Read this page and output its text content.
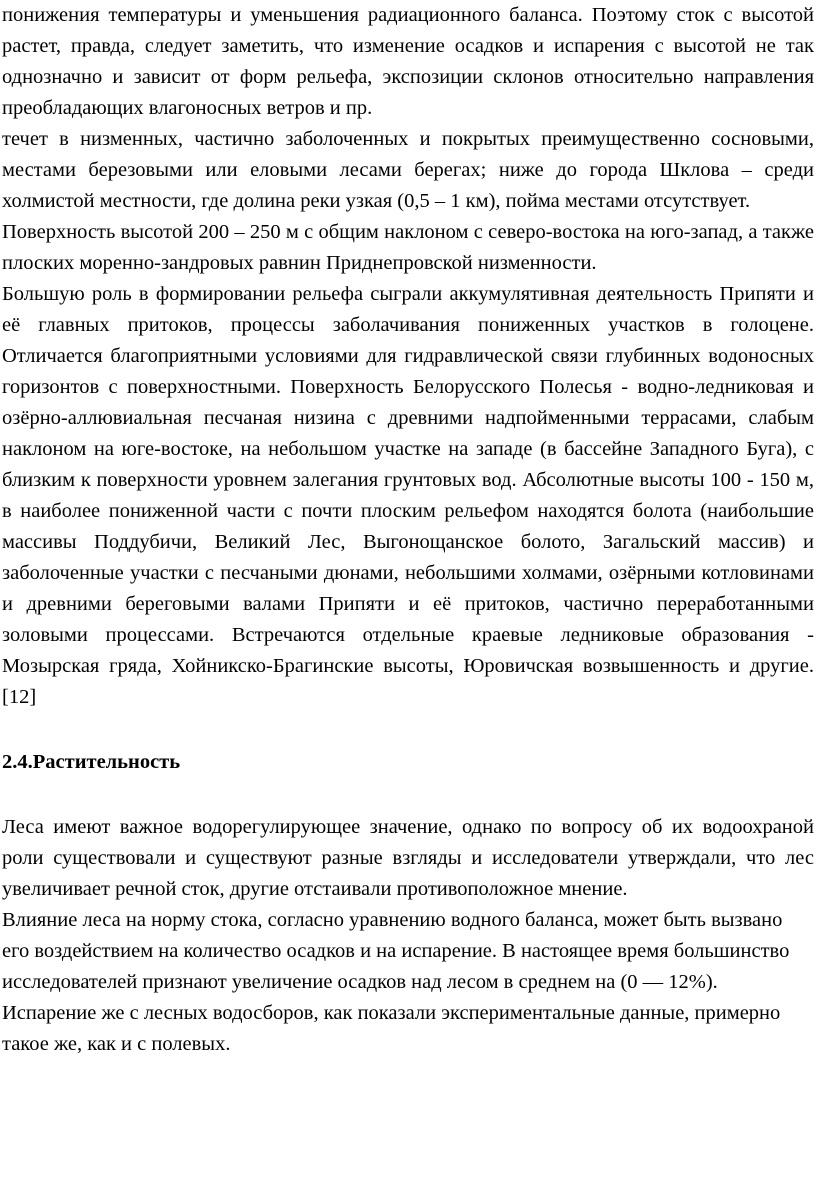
понижения температуры и уменьшения радиационного баланса. Поэтому сток с высотой растет, правда, следует заметить, что изменение осадков и испарения с высотой не так однозначно и зависит от форм рельефа, экспозиции склонов относительно направления преобладающих влагоносных ветров и пр.

течет в низменных, частично заболоченных и покрытых преимущественно сосновыми, местами березовыми или еловыми лесами берегах; ниже до города Шклова – среди холмистой местности, где долина реки узкая (0,5 – 1 км), пойма местами отсутствует.

Поверхность высотой 200 – 250 м с общим наклоном с северо-востока на юго-запад, а также плоских моренно-зандровых равнин Приднепровской низменности.

Большую роль в формировании рельефа сыграли аккумулятивная деятельность Припяти и её главных притоков, процессы заболачивания пониженных участков в голоцене. Отличается благоприятными условиями для гидравлической связи глубинных водоносных горизонтов с поверхностными. Поверхность Белорусского Полесья - водно-ледниковая и озёрно-аллювиальная песчаная низина с древними надпойменными террасами, слабым наклоном на юге-востоке, на небольшом участке на западе (в бассейне Западного Буга), с близким к поверхности уровнем залегания грунтовых вод. Абсолютные высоты 100 - 150 м, в наиболее пониженной части с почти плоским рельефом находятся болота (наибольшие массивы Поддубичи, Великий Лес, Выгонощанское болото, Загальский массив) и заболоченные участки с песчаными дюнами, небольшими холмами, озёрными котловинами и древними береговыми валами Припяти и её притоков, частично переработанными золовыми процессами. Встречаются отдельные краевые ледниковые образования - Мозырская гряда, Хойникско-Брагинские высоты, Юровичская возвышенность и другие.[12]

2.4.Растительность

Леса имеют важное водорегулирующее значение, однако по вопросу об их водоохраной роли существовали и существуют разные взгляды и исследователи утверждали, что лес увеличивает речной сток, другие отстаивали противоположное мнение.

Влияние леса на норму стока, согласно уравнению водного баланса, может быть вызвано его воздействием на количество осадков и на испарение. В настоящее время большинство исследователей признают увеличение осадков над лесом в среднем на (0 — 12%). Испарение же с лесных водосборов, как показали экспериментальные данные, примерно такое же, как и с полевых.
